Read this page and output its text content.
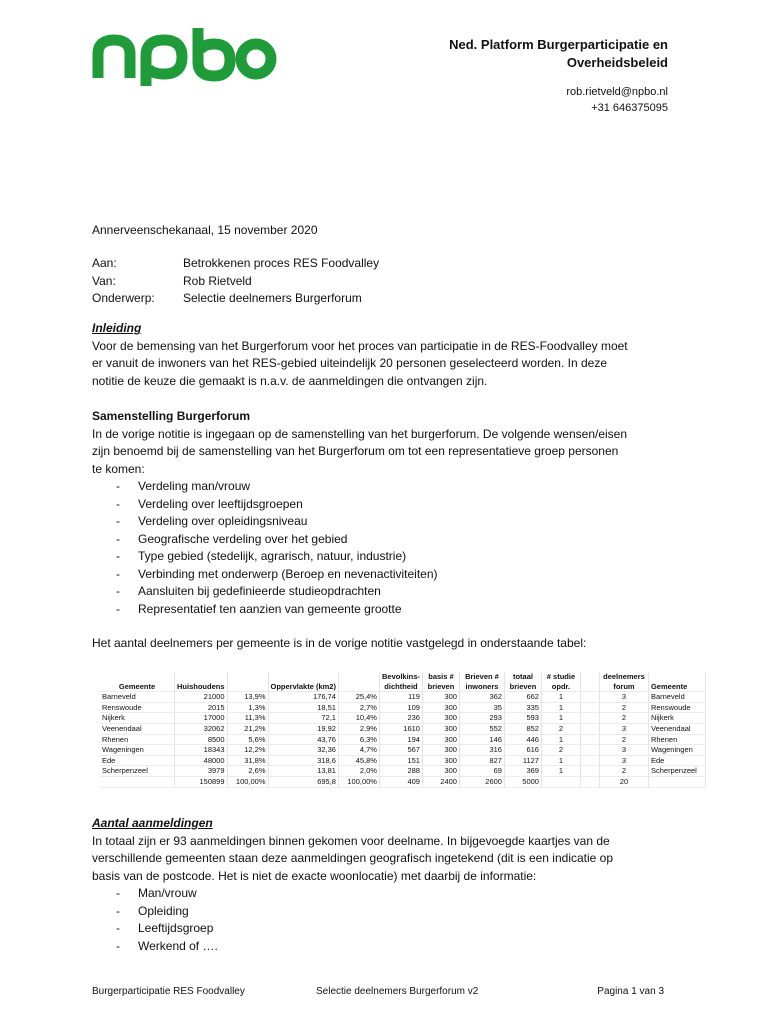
Ned. Platform Burgerparticipatie en
Overheidsbeleid
rob.rietveld@npbo.nl
+31 646375095
Annerveenschekanaal, 15 november 2020
Aan:	Betrokkenen proces RES Foodvalley
Van:	Rob Rietveld
Onderwerp:	Selectie deelnemers Burgerforum
Inleiding
Voor de bemensing van het Burgerforum voor het proces van participatie in de RES-Foodvalley moet
er vanuit de inwoners van het RES-gebied uiteindelijk 20 personen geselecteerd worden. In deze
notitie de keuze die gemaakt is n.a.v. de aanmeldingen die ontvangen zijn.
Samenstelling Burgerforum
In de vorige notitie is ingegaan op de samenstelling van het burgerforum. De volgende wensen/eisen
zijn benoemd bij de samenstelling van het Burgerforum om tot een representatieve groep personen
te komen:
- Verdeling man/vrouw
- Verdeling over leeftijdsgroepen
- Verdeling over opleidingsniveau
- Geografische verdeling over het gebied
- Type gebied (stedelijk, agrarisch, natuur, industrie)
- Verbinding met onderwerp (Beroep en nevenactiviteiten)
- Aansluiten bij gedefinieerde studieopdrachten
- Representatief ten aanzien van gemeente grootte
Het aantal deelnemers per gemeente is in de vorige notitie vastgelegd in onderstaande tabel:
Gemeente	Huishoudens		Oppervlakte (km2)		Bevolkins-dichtheid	basis # brieven	Brieven # inwoners	totaal brieven	# studie opdr.		deelnemers forum	Gemeente
Barneveld	21000	13,9%	176,74	25,4%	119	300	362	662	1		3	Barneveld
Renswoude	2015	1,3%	18,51	2,7%	109	300	35	335	1		2	Renswoude
Nijkerk	17000	11,3%	72,1	10,4%	236	300	293	593	1		2	Nijkerk
Veenendaal	32062	21,2%	19,92	2,9%	1610	300	552	852	2		3	Veenendaal
Rhenen	8500	5,6%	43,76	6,3%	194	300	146	446	1		2	Rhenen
Wageningen	18343	12,2%	32,36	4,7%	567	300	316	616	2		3	Wageningen
Ede	48000	31,8%	318,6	45,8%	151	300	827	1127	1		3	Ede
Scherpenzeel	3979	2,6%	13,81	2,0%	288	300	69	369	1		2	Scherpenzeel
	150899	100,00%	695,8	100,00%	409	2400	2600	5000			20	
Aantal aanmeldingen
In totaal zijn er 93 aanmeldingen binnen gekomen voor deelname. In bijgevoegde kaartjes van de
verschillende gemeenten staan deze aanmeldingen geografisch ingetekend (dit is een indicatie op
basis van de postcode. Het is niet de exacte woonlocatie) met daarbij de informatie:
- Man/vrouw
- Opleiding
- Leeftijdsgroep
- Werkend of ….
Burgerparticipatie RES Foodvalley	Selectie deelnemers Burgerforum v2	Pagina 1 van 3
